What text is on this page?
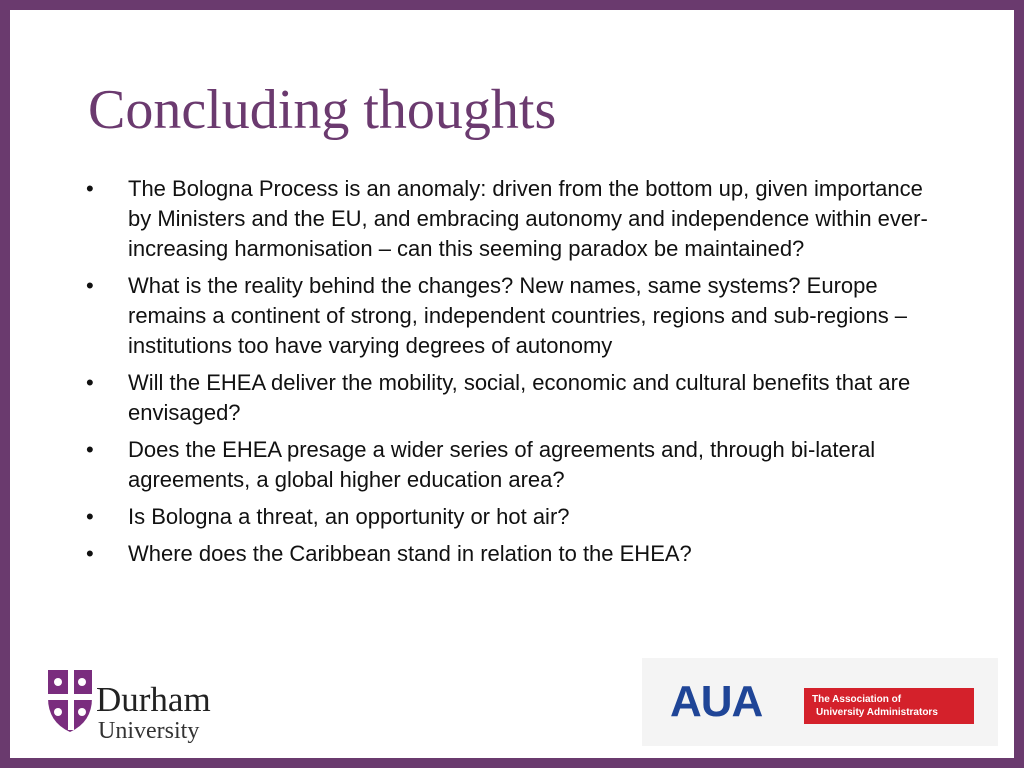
Concluding thoughts
•	The Bologna Process is an anomaly: driven from the bottom up, given importance by Ministers and the EU, and embracing autonomy and independence within ever-increasing harmonisation – can this seeming paradox be maintained?
•	What is the reality behind the changes? New names, same systems? Europe remains a continent of strong, independent countries, regions and sub-regions – institutions too have varying degrees of autonomy
•	Will the EHEA deliver the mobility, social, economic and cultural benefits that are envisaged?
•	Does the EHEA presage a wider series of agreements and, through bi-lateral agreements, a global higher education area?
•	Is Bologna a threat, an opportunity or hot air?
•	Where does the Caribbean stand in relation to the EHEA?
Durham
University
AUA	The Association of
University Administrators
